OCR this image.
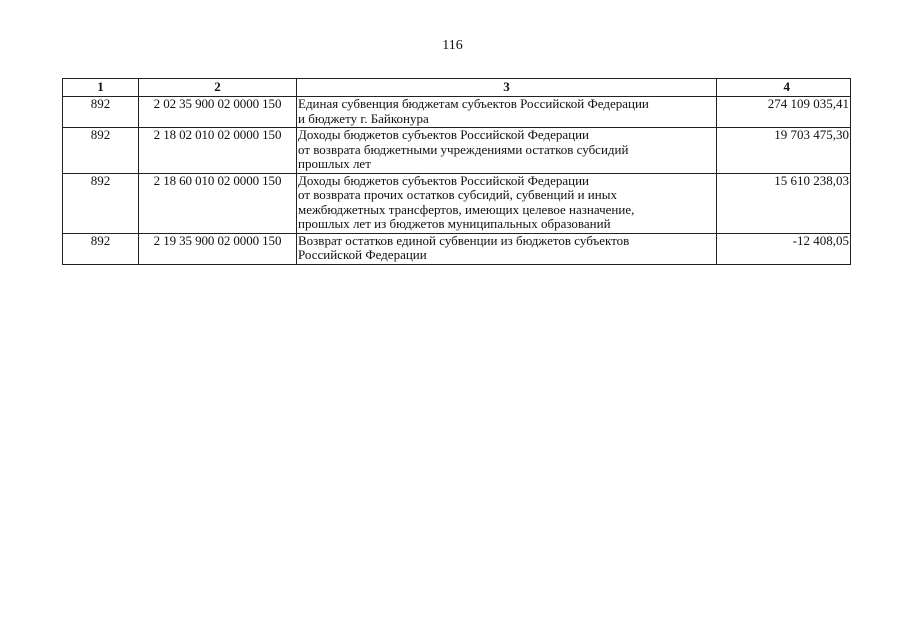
116
1	2	3	4
892	2 02 35 900 02 0000 150	Единая субвенция бюджетам субъектов Российской Федерации
и бюджету г. Байконура	274 109 035,41
892	2 18 02 010 02 0000 150	Доходы бюджетов субъектов Российской Федерации
от возврата бюджетными учреждениями остатков субсидий
прошлых лет	19 703 475,30
892	2 18 60 010 02 0000 150	Доходы бюджетов субъектов Российской Федерации
от возврата прочих остатков субсидий, субвенций и иных
межбюджетных трансфертов, имеющих целевое назначение,
прошлых лет из бюджетов муниципальных образований	15 610 238,03
892	2 19 35 900 02 0000 150	Возврат остатков единой субвенции из бюджетов субъектов
Российской Федерации	-12 408,05
